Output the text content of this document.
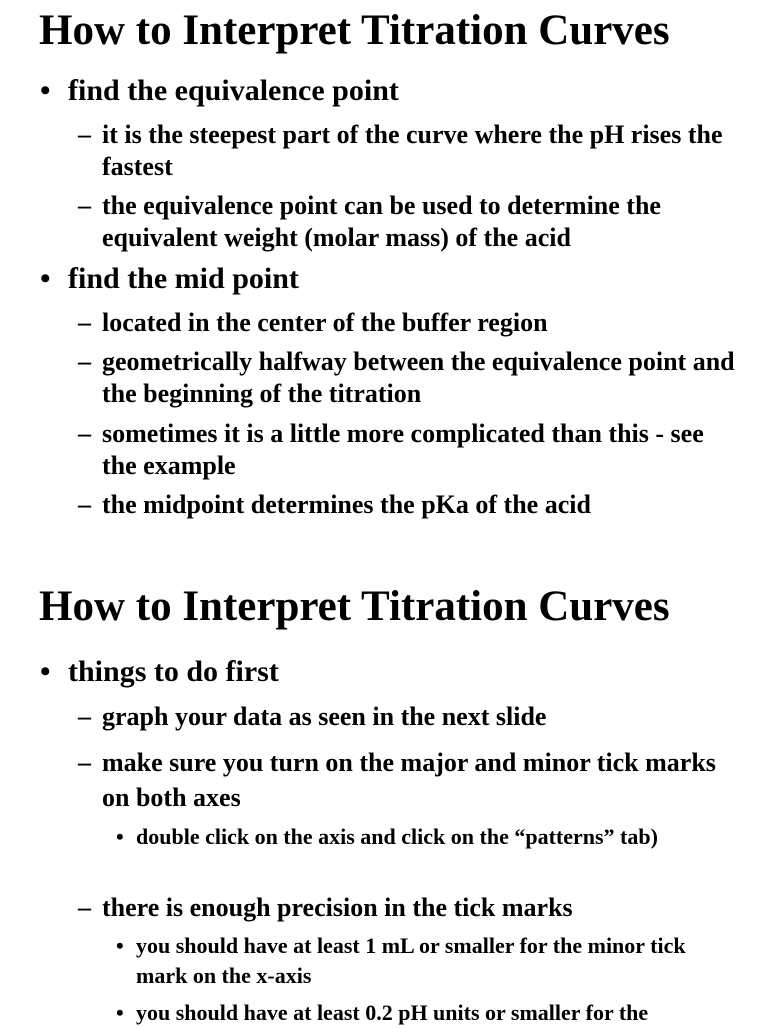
How to Interpret Titration Curves
• find the equivalence point
– it is the steepest part of the curve where the pH rises the fastest
– the equivalence point can be used to determine the equivalent weight (molar mass) of the acid
• find the mid point
– located in the center of the buffer region
– geometrically halfway between the equivalence point and the beginning of the titration
– sometimes it is a little more complicated than this - see the example
– the midpoint determines the pKa of the acid
How to Interpret Titration Curves
• things to do first
– graph your data as seen in the next slide
– make sure you turn on the major and minor tick marks on both axes
• double click on the axis and click on the “patterns” tab)
– there is enough precision in the tick marks
• you should have at least 1 mL or smaller for the minor tick mark on the x-axis
• you should have at least 0.2 pH units or smaller for the
